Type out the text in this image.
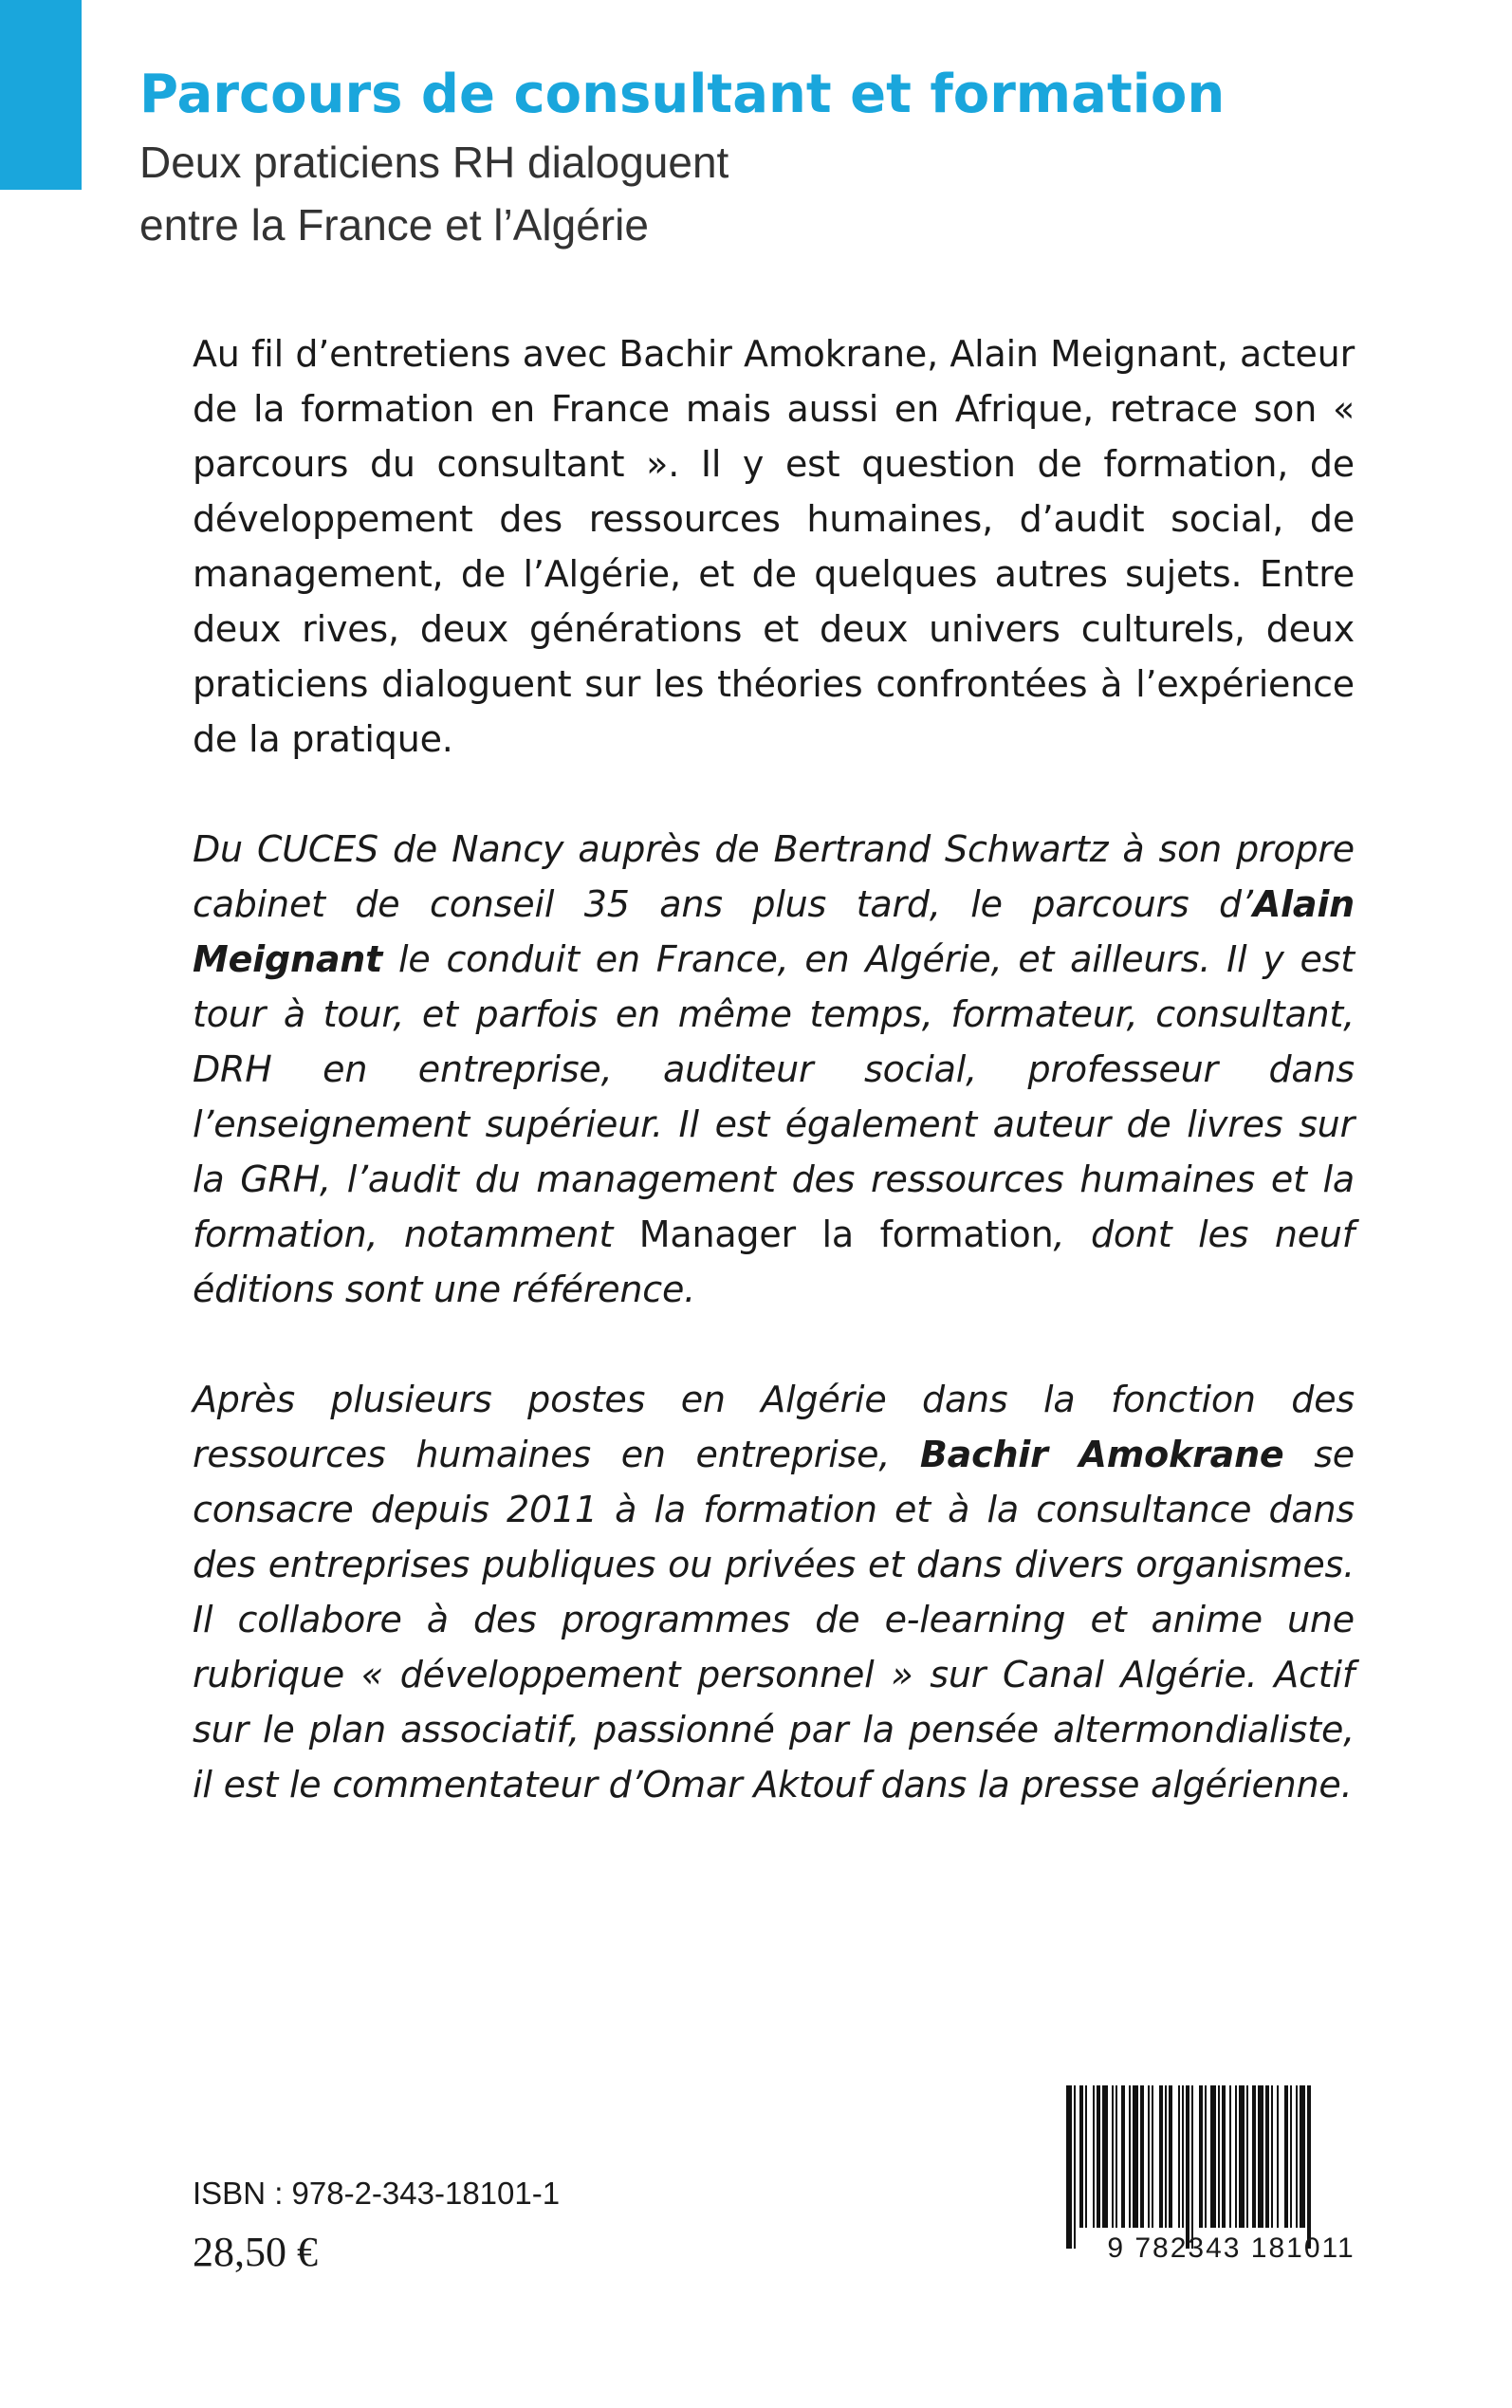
Parcours de consultant et formation
Deux praticiens RH dialoguent
entre la France et l’Algérie

Au fil d’entretiens avec Bachir Amokrane, Alain Meignant, acteur de la formation en France mais aussi en Afrique, retrace son « parcours du consultant ». Il y est question de formation, de développement des ressources humaines, d’audit social, de management, de l’Algérie, et de quelques autres sujets. Entre deux rives, deux générations et deux univers culturels, deux praticiens dialoguent sur les théories confrontées à l’expérience de la pratique.

Du CUCES de Nancy auprès de Bertrand Schwartz à son propre cabinet de conseil 35 ans plus tard, le parcours d’Alain Meignant le conduit en France, en Algérie, et ailleurs. Il y est tour à tour, et parfois en même temps, formateur, consultant, DRH en entreprise, auditeur social, professeur dans l’enseignement supérieur. Il est également auteur de livres sur la GRH, l’audit du management des ressources humaines et la formation, notamment Manager la formation, dont les neuf éditions sont une référence.

Après plusieurs postes en Algérie dans la fonction des ressources humaines en entreprise, Bachir Amokrane se consacre depuis 2011 à la formation et à la consultance dans des entreprises publiques ou privées et dans divers organismes. Il collabore à des programmes de e-learning et anime une rubrique « développement personnel » sur Canal Algérie. Actif sur le plan associatif, passionné par la pensée altermondialiste, il est le commentateur d’Omar Aktouf dans la presse algérienne.

ISBN : 978-2-343-18101-1
28,50 €	9 782343 181011
